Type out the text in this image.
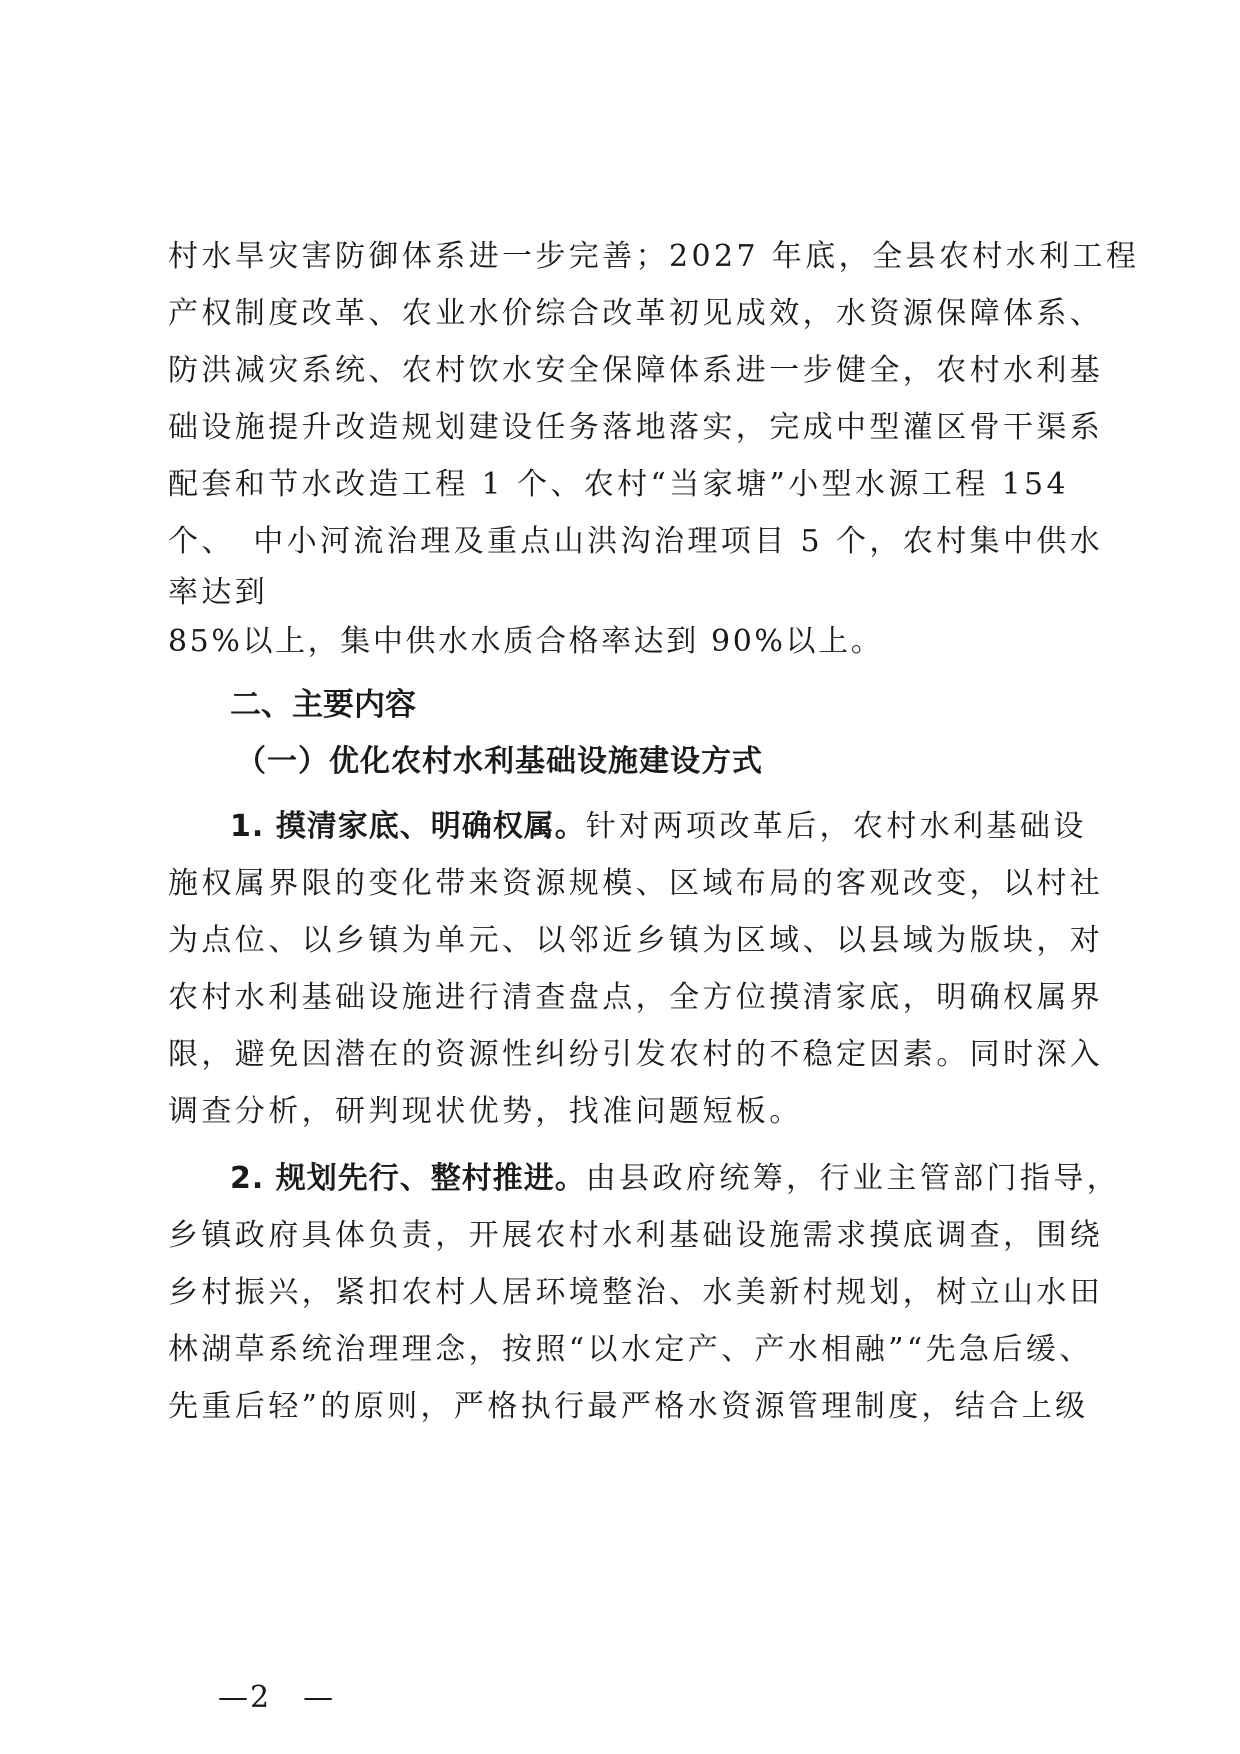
村水旱灾害防御体系进一步完善；2027 年底，全县农村水利工程
产权制度改革、农业水价综合改革初见成效，水资源保障体系、
防洪减灾系统、农村饮水安全保障体系进一步健全，农村水利基
础设施提升改造规划建设任务落地落实，完成中型灌区骨干渠系
配套和节水改造工程 1 个、农村“当家塘”小型水源工程 154
个、　中小河流治理及重点山洪沟治理项目 5 个，农村集中供水
率达到
85%以上，集中供水水质合格率达到 90%以上。
二、主要内容
（一）优化农村水利基础设施建设方式
1. 摸清家底、明确权属。针对两项改革后，农村水利基础设
施权属界限的变化带来资源规模、区域布局的客观改变，以村社
为点位、以乡镇为单元、以邻近乡镇为区域、以县域为版块，对
农村水利基础设施进行清查盘点，全方位摸清家底，明确权属界
限，避免因潜在的资源性纠纷引发农村的不稳定因素。同时深入
调查分析，研判现状优势，找准问题短板。
2. 规划先行、整村推进。由县政府统筹，行业主管部门指导，
乡镇政府具体负责，开展农村水利基础设施需求摸底调查，围绕
乡村振兴，紧扣农村人居环境整治、水美新村规划，树立山水田
林湖草系统治理理念，按照“以水定产、产水相融”“先急后缓、
先重后轻”的原则，严格执行最严格水资源管理制度，结合上级
—2　—
